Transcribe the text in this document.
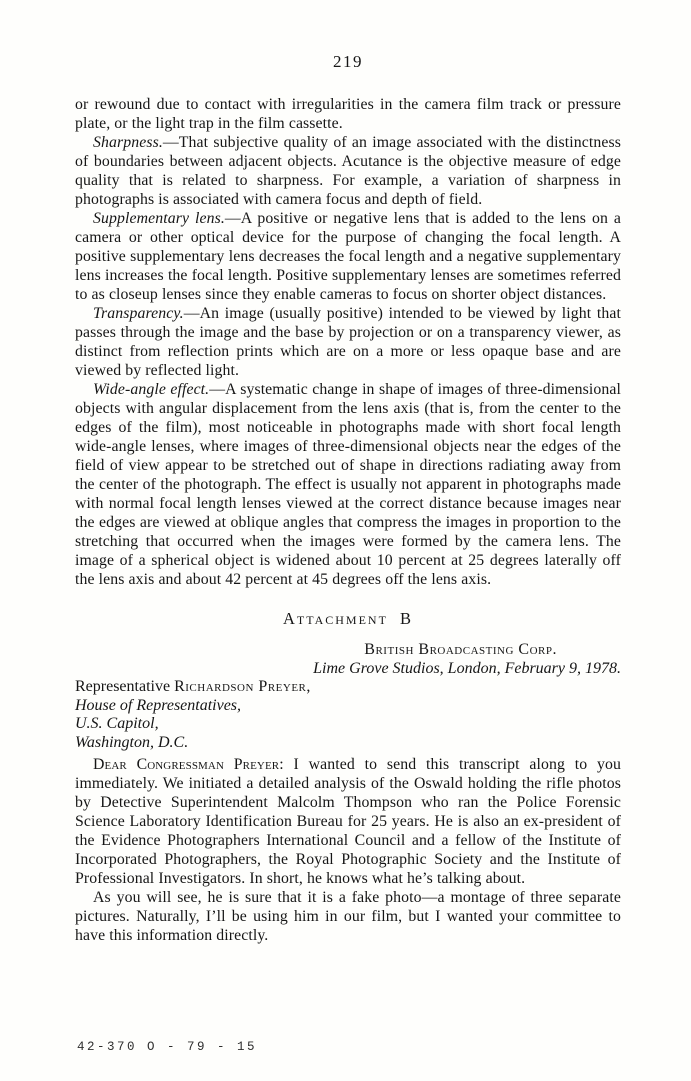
219

or rewound due to contact with irregularities in the camera film track or pressure plate, or the light trap in the film cassette.

Sharpness.—That subjective quality of an image associated with the distinctness of boundaries between adjacent objects. Acutance is the objective measure of edge quality that is related to sharpness. For example, a variation of sharpness in photographs is associated with camera focus and depth of field.

Supplementary lens.—A positive or negative lens that is added to the lens on a camera or other optical device for the purpose of changing the focal length. A positive supplementary lens decreases the focal length and a negative supplementary lens increases the focal length. Positive supplementary lenses are sometimes referred to as closeup lenses since they enable cameras to focus on shorter object distances.

Transparency.—An image (usually positive) intended to be viewed by light that passes through the image and the base by projection or on a transparency viewer, as distinct from reflection prints which are on a more or less opaque base and are viewed by reflected light.

Wide-angle effect.—A systematic change in shape of images of three-dimensional objects with angular displacement from the lens axis (that is, from the center to the edges of the film), most noticeable in photographs made with short focal length wide-angle lenses, where images of three-dimensional objects near the edges of the field of view appear to be stretched out of shape in directions radiating away from the center of the photograph. The effect is usually not apparent in photographs made with normal focal length lenses viewed at the correct distance because images near the edges are viewed at oblique angles that compress the images in proportion to the stretching that occurred when the images were formed by the camera lens. The image of a spherical object is widened about 10 percent at 25 degrees laterally off the lens axis and about 42 percent at 45 degrees off the lens axis.

Attachment B
British Broadcasting Corp.
Lime Grove Studios, London, February 9, 1978.
Representative Richardson Preyer,
House of Representatives,
U.S. Capitol,
Washington, D.C.

Dear Congressman Preyer: I wanted to send this transcript along to you immediately. We initiated a detailed analysis of the Oswald holding the rifle photos by Detective Superintendent Malcolm Thompson who ran the Police Forensic Science Laboratory Identification Bureau for 25 years. He is also an ex-president of the Evidence Photographers International Council and a fellow of the Institute of Incorporated Photographers, the Royal Photographic Society and the Institute of Professional Investigators. In short, he knows what he’s talking about.

As you will see, he is sure that it is a fake photo—a montage of three separate pictures. Naturally, I’ll be using him in our film, but I wanted your committee to have this information directly.

42-370 O - 79 - 15
